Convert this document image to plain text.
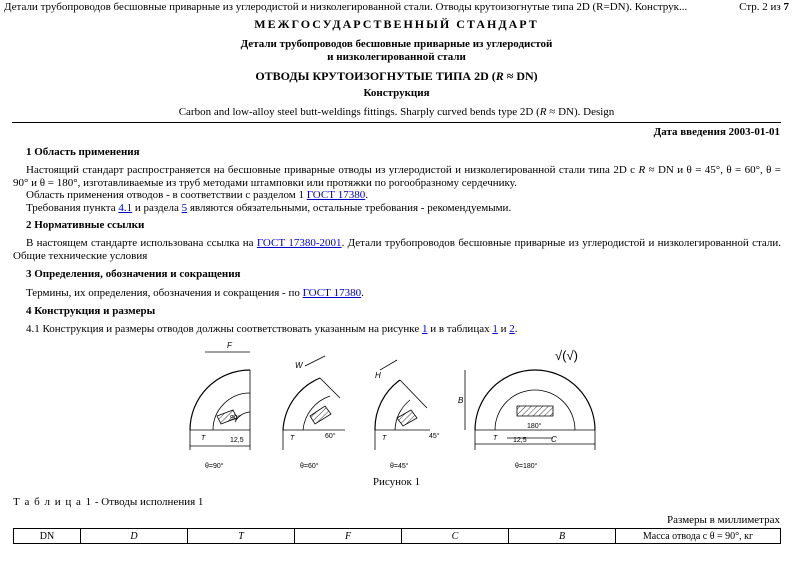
Детали трубопроводов бесшовные приварные из углеродистой и низколегированной стали. Отводы крутоизогнутые типа 2D (R=DN). Конструк...	Стр. 2 из 7
МЕЖГОСУДАРСТВЕННЫЙ СТАНДАРТ
Детали трубопроводов бесшовные приварные из углеродистой
и низколегированной стали
ОТВОДЫ КРУТОИЗОГНУТЫЕ ТИПА 2D (R ≈ DN)
Конструкция
Carbon and low-alloy steel butt-weldings fittings. Sharply curved bends type 2D (R ≈ DN). Design
Дата введения 2003-01-01
1 Область применения
Настоящий стандарт распространяется на бесшовные приварные отводы из углеродистой и низколегированной стали типа 2D с R ≈ DN и θ = 45°, θ = 60°, θ = 90° и θ = 180°, изготавливаемые из труб методами штамповки или протяжки по рогообразному сердечнику.
Область применения отводов - в соответствии с разделом 1 ГОСТ 17380.
Требования пункта 4.1 и раздела 5 являются обязательными, остальные требования - рекомендуемыми.
2 Нормативные ссылки
В настоящем стандарте использована ссылка на ГОСТ 17380-2001. Детали трубопроводов бесшовные приварные из углеродистой и низколегированной стали. Общие технические условия
3 Определения, обозначения и сокращения
Термины, их определения, обозначения и сокращения - по ГОСТ 17380.
4 Конструкция и размеры
4.1 Конструкция и размеры отводов должны соответствовать указанным на рисунке 1 и в таблицах 1 и 2.
F
90°
12,5
T
θ=90°
W
60°
T
θ=60°
H
45°
T
θ=45°
B
180°
12,5	C
T
√(√)
θ=180°
Рисунок 1
Т а б л и ц а 1 - Отводы исполнения 1
Размеры в миллиметрах
DN	D	T	F	C	B	Масса отвода с θ = 90°, кг
